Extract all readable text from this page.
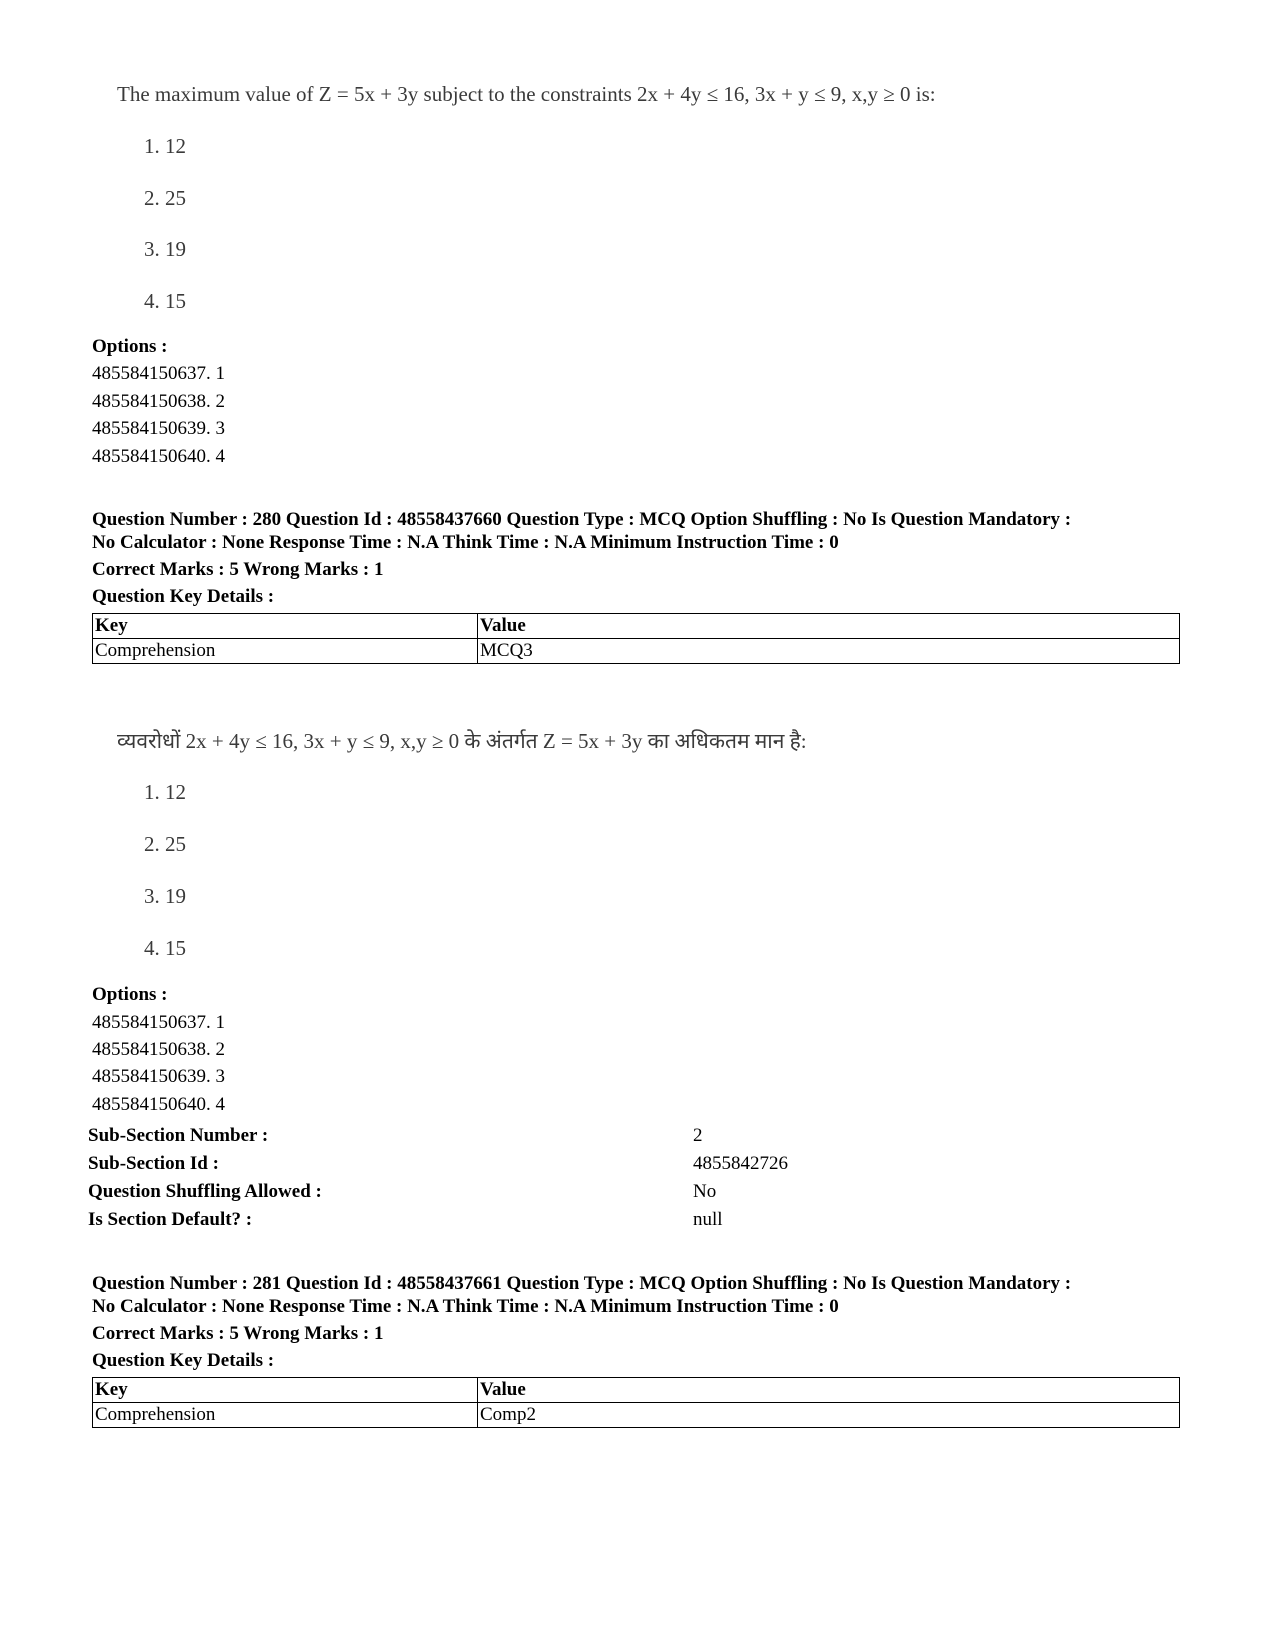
The maximum value of Z = 5x + 3y subject to the constraints 2x + 4y ≤ 16, 3x + y ≤ 9, x,y ≥ 0 is:
1. 12
2. 25
3. 19
4. 15
Options :
485584150637. 1
485584150638. 2
485584150639. 3
485584150640. 4
Question Number : 280 Question Id : 48558437660 Question Type : MCQ Option Shuffling : No Is Question Mandatory :
No Calculator : None Response Time : N.A Think Time : N.A Minimum Instruction Time : 0
Correct Marks : 5 Wrong Marks : 1
Question Key Details :
Key	Value
Comprehension	MCQ3
व्यवरोधों 2x + 4y ≤ 16, 3x + y ≤ 9, x,y ≥ 0 के अंतर्गत Z = 5x + 3y का अधिकतम मान है:
1. 12
2. 25
3. 19
4. 15
Options :
485584150637. 1
485584150638. 2
485584150639. 3
485584150640. 4
Sub-Section Number :	2
Sub-Section Id :	4855842726
Question Shuffling Allowed :	No
Is Section Default? :	null
Question Number : 281 Question Id : 48558437661 Question Type : MCQ Option Shuffling : No Is Question Mandatory :
No Calculator : None Response Time : N.A Think Time : N.A Minimum Instruction Time : 0
Correct Marks : 5 Wrong Marks : 1
Question Key Details :
Key	Value
Comprehension	Comp2
